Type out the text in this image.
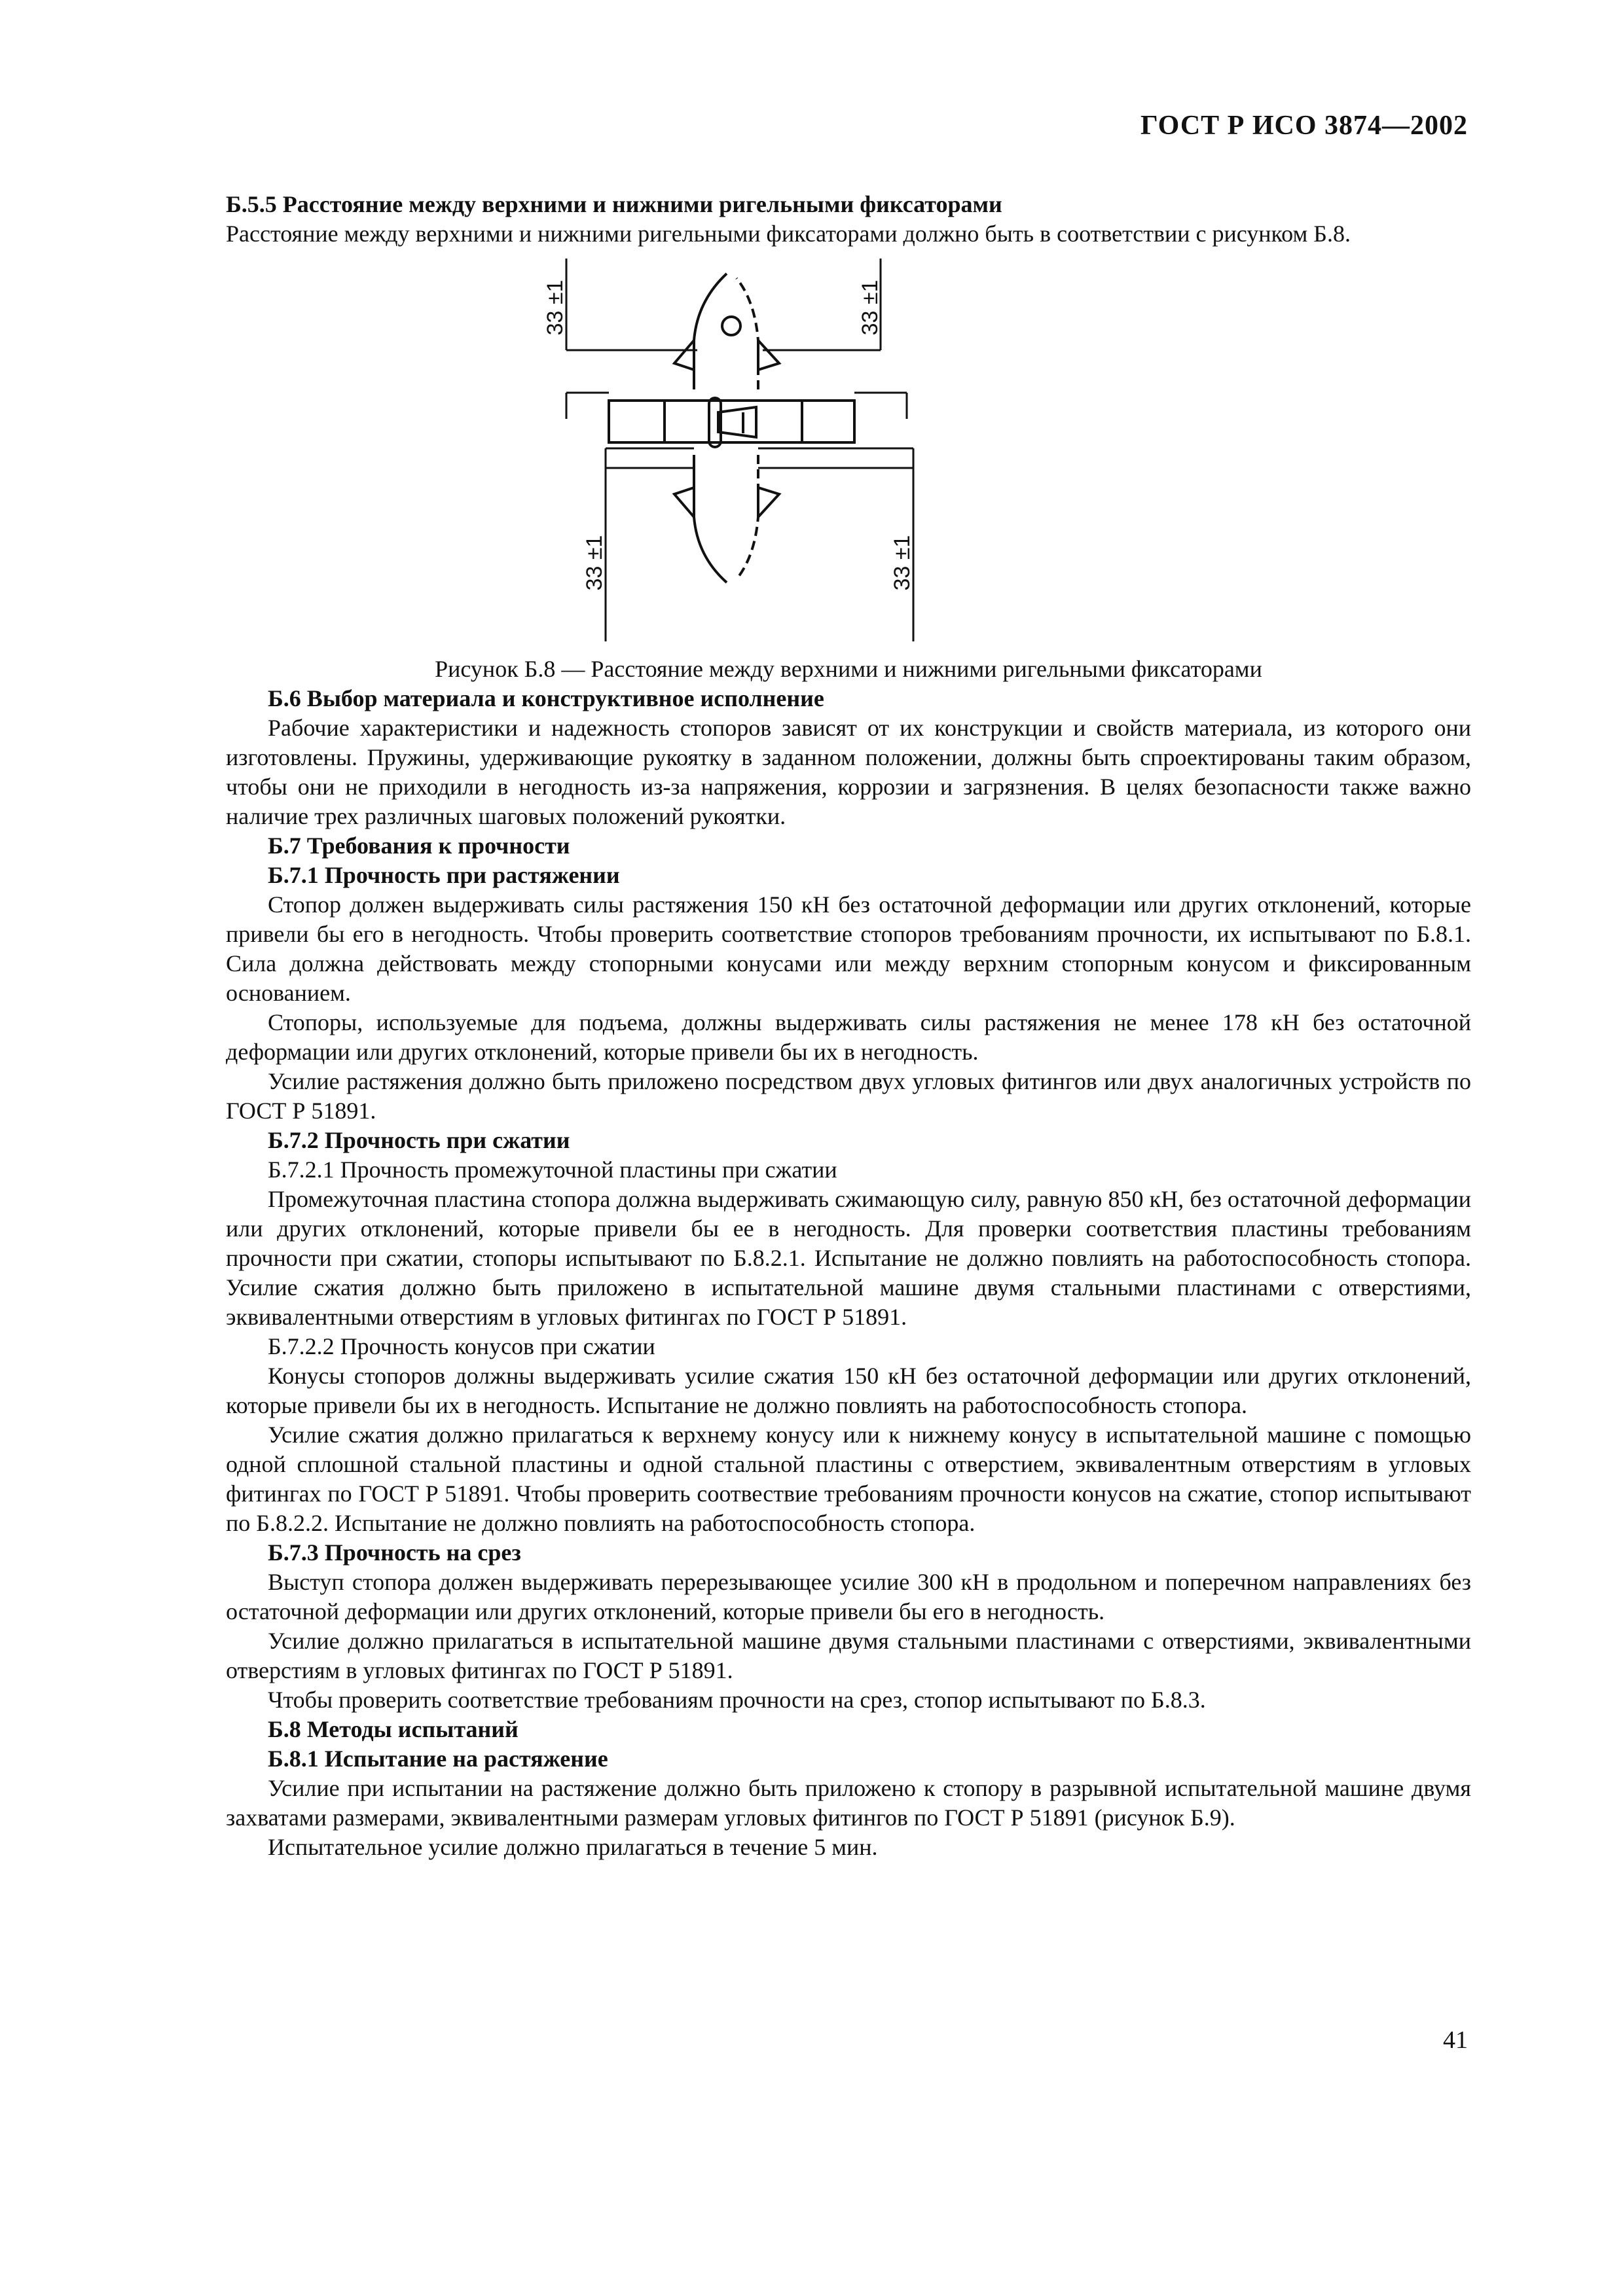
ГОСТ Р ИСО 3874—2002

Б.5.5 Расстояние между верхними и нижними ригельными фиксаторами

Расстояние между верхними и нижними ригельными фиксаторами должно быть в соответствии с рисунком Б.8.

33 ±1	33 ±1
33 ±1	33 ±1

Рисунок Б.8 — Расстояние между верхними и нижними ригельными фиксаторами

Б.6 Выбор материала и конструктивное исполнение

Рабочие характеристики и надежность стопоров зависят от их конструкции и свойств материала, из которого они изготовлены. Пружины, удерживающие рукоятку в заданном положении, должны быть спроектированы таким образом, чтобы они не приходили в негодность из-за напряжения, коррозии и загрязнения. В целях безопасности также важно наличие трех различных шаговых положений рукоятки.

Б.7 Требования к прочности

Б.7.1 Прочность при растяжении

Стопор должен выдерживать силы растяжения 150 кН без остаточной деформации или других отклонений, которые привели бы его в негодность. Чтобы проверить соответствие стопоров требованиям прочности, их испытывают по Б.8.1. Сила должна действовать между стопорными конусами или между верхним стопорным конусом и фиксированным основанием.

Стопоры, используемые для подъема, должны выдерживать силы растяжения не менее 178 кН без остаточной деформации или других отклонений, которые привели бы их в негодность.

Усилие растяжения должно быть приложено посредством двух угловых фитингов или двух аналогичных устройств по ГОСТ Р 51891.

Б.7.2 Прочность при сжатии

Б.7.2.1 Прочность промежуточной пластины при сжатии

Промежуточная пластина стопора должна выдерживать сжимающую силу, равную 850 кН, без остаточной деформации или других отклонений, которые привели бы ее в негодность. Для проверки соответствия пластины требованиям прочности при сжатии, стопоры испытывают по Б.8.2.1. Испытание не должно повлиять на работоспособность стопора. Усилие сжатия должно быть приложено в испытательной машине двумя стальными пластинами с отверстиями, эквивалентными отверстиям в угловых фитингах по ГОСТ Р 51891.

Б.7.2.2 Прочность конусов при сжатии

Конусы стопоров должны выдерживать усилие сжатия 150 кН без остаточной деформации или других отклонений, которые привели бы их в негодность. Испытание не должно повлиять на работоспособность стопора.

Усилие сжатия должно прилагаться к верхнему конусу или к нижнему конусу в испытательной машине с помощью одной сплошной стальной пластины и одной стальной пластины с отверстием, эквивалентным отверстиям в угловых фитингах по ГОСТ Р 51891. Чтобы проверить соотвествие требованиям прочности конусов на сжатие, стопор испытывают по Б.8.2.2. Испытание не должно повлиять на работоспособность стопора.

Б.7.3 Прочность на срез

Выступ стопора должен выдерживать перерезывающее усилие 300 кН в продольном и поперечном направлениях без остаточной деформации или других отклонений, которые привели бы его в негодность.

Усилие должно прилагаться в испытательной машине двумя стальными пластинами с отверстиями, эквивалентными отверстиям в угловых фитингах по ГОСТ Р 51891.

Чтобы проверить соответствие требованиям прочности на срез, стопор испытывают по Б.8.3.

Б.8 Методы испытаний

Б.8.1 Испытание на растяжение

Усилие при испытании на растяжение должно быть приложено к стопору в разрывной испытательной машине двумя захватами размерами, эквивалентными размерам угловых фитингов по ГОСТ Р 51891 (рисунок Б.9).

Испытательное усилие должно прилагаться в течение 5 мин.

41
